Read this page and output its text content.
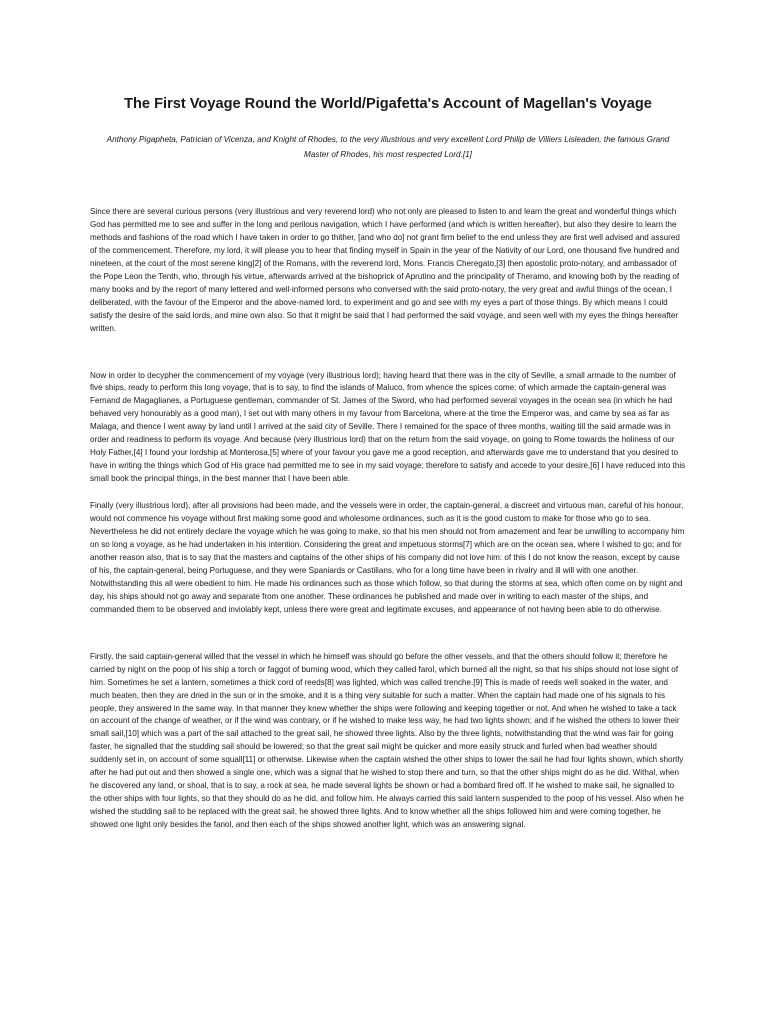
The First Voyage Round the World/Pigafetta's Account of Magellan's Voyage

Anthony Pigapheta, Patrician of Vicenza, and Knight of Rhodes, to the very illustrious and very excellent Lord Philip de Villiers Lisleaden, the famous Grand Master of Rhodes, his most respected Lord.[1]

Since there are several curious persons (very illustrious and very reverend lord) who not only are pleased to listen to and learn the great and wonderful things which God has permitted me to see and suffer in the long and perilous navigation, which I have performed (and which is written hereafter), but also they desire to learn the methods and fashions of the road which I have taken in order to go thither, [and who do] not grant firm belief to the end unless they are first well advised and assured of the commencement. Therefore, my lord, it will please you to hear that finding myself in Spain in the year of the Nativity of our Lord, one thousand five hundred and nineteen, at the court of the most serene king[2] of the Romans, with the reverend lord, Mons. Francis Cheregato,[3] then apostolic proto-notary, and ambassador of the Pope Leon the Tenth, who, through his virtue, afterwards arrived at the bishoprick of Aprutino and the principality of Theramo, and knowing both by the reading of many books and by the report of many lettered and well-informed persons who conversed with the said proto-notary, the very great and awful things of the ocean, I deliberated, with the favour of the Emperor and the above-named lord, to experiment and go and see with my eyes a part of those things. By which means I could satisfy the desire of the said lords, and mine own also. So that it might be said that I had performed the said voyage, and seen well with my eyes the things hereafter written.

Now in order to decypher the commencement of my voyage (very illustrious lord); having heard that there was in the city of Seville, a small armade to the number of five ships, ready to perform this long voyage, that is to say, to find the islands of Maluco, from whence the spices come: of which armade the captain-general was Fernand de Magaglianes, a Portuguese gentleman, commander of St. James of the Sword, who had performed several voyages in the ocean sea (in which he had behaved very honourably as a good man), I set out with many others in my favour from Barcelona, where at the time the Emperor was, and came by sea as far as Malaga, and thence I went away by land until I arrived at the said city of Seville. There I remained for the space of three months, waiting till the said armade was in order and readiness to perform its voyage. And because (very illustrious lord) that on the return from the said voyage, on going to Rome towards the holiness of our Holy Father,[4] I found your lordship at Monterosa,[5] where of your favour you gave me a good reception, and afterwards gave me to understand that you desired to have in writing the things which God of His grace had permitted me to see in my said voyage; therefore to satisfy and accede to your desire,[6] I have reduced into this small book the principal things, in the best manner that I have been able.

Finally (very illustrious lord), after all provisions had been made, and the vessels were in order, the captain-general, a discreet and virtuous man, careful of his honour, would not commence his voyage without first making some good and wholesome ordinances, such as it is the good custom to make for those who go to sea. Nevertheless he did not entirely declare the voyage which he was going to make, so that his men should not from amazement and fear be unwilling to accompany him on so long a voyage, as he had undertaken in his intention. Considering the great and impetuous storms[7] which are on the ocean sea, where I wished to go; and for another reason also, that is to say that the masters and captains of the other ships of his company did not love him: of this I do not know the reason, except by cause of his, the captain-general, being Portuguese, and they were Spaniards or Castilians, who for a long time have been in rivalry and ill will with one another. Notwithstanding this all were obedient to him. He made his ordinances such as those which follow, so that during the storms at sea, which often come on by night and day, his ships should not go away and separate from one another. These ordinances he published and made over in writing to each master of the ships, and commanded them to be observed and inviolably kept, unless there were great and legitimate excuses, and appearance of not having been able to do otherwise.

Firstly, the said captain-general willed that the vessel in which he himself was should go before the other vessels, and that the others should follow it; therefore he carried by night on the poop of his ship a torch or faggot of burning wood, which they called farol, which burned all the night, so that his ships should not lose sight of him. Sometimes he set a lantern, sometimes a thick cord of reeds[8] was lighted, which was called trenche.[9] This is made of reeds well soaked in the water, and much beaten, then they are dried in the sun or in the smoke, and it is a thing very suitable for such a matter. When the captain had made one of his signals to his people, they answered in the same way. In that manner they knew whether the ships were following and keeping together or not. And when he wished to take a tack on account of the change of weather, or if the wind was contrary, or if he wished to make less way, he had two lights shown; and if he wished the others to lower their small sail,[10] which was a part of the sail attached to the great sail, he showed three lights. Also by the three lights, notwithstanding that the wind was fair for going faster, he signalled that the studding sail should be lowered; so that the great sail might be quicker and more easily struck and furled when bad weather should suddenly set in, on account of some squall[11] or otherwise. Likewise when the captain wished the other ships to lower the sail he had four lights shown, which shortly after he had put out and then showed a single one, which was a signal that he wished to stop there and turn, so that the other ships might do as he did. Withal, when he discovered any land, or shoal, that is to say, a rock at sea, he made several lights be shown or had a bombard fired off. If he wished to make sail, he signalled to the other ships with four lights, so that they should do as he did, and follow him. He always carried this said lantern suspended to the poop of his vessel. Also when he wished the studding sail to be replaced with the great sail, he showed three lights. And to know whether all the ships followed him and were coming together, he showed one light only besides the fanol, and then each of the ships showed another light, which was an answering signal.
